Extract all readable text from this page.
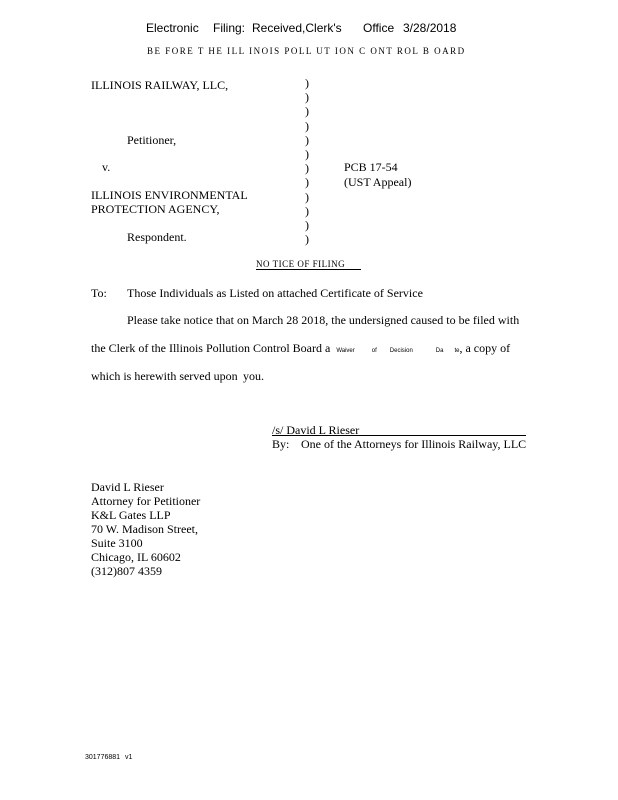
Electronic Filing: Received,Clerk's Office 3/28/2018
BE FORE T HE ILL INOIS POLL UT ION C ONT ROL B OARD
ILLINOIS RAILWAY, LLC,
Petitioner,
v.
ILLINOIS ENVIRONMENTAL
PROTECTION AGENCY,
Respondent.
)
)
)
)
)
)
)
)
)
)
)
)
PCB 17-54
(UST Appeal)
NO TICE OF FILING
To: Those Individuals as Listed on attached Certificate of Service
Please take notice that on March 28 2018, the undersigned caused to be filed with
the Clerk of the Illinois Pollution Control Board a Waiver	of Decision	Da te, a copy of
which is herewith served upon you.
/s/ David L Rieser
By: One of the Attorneys for Illinois Railway, LLC
David L Rieser
Attorney for Petitioner
K&L Gates LLP
70 W. Madison Street,
Suite 3100
Chicago, IL 60602
(312)807 4359
301776881 v1
